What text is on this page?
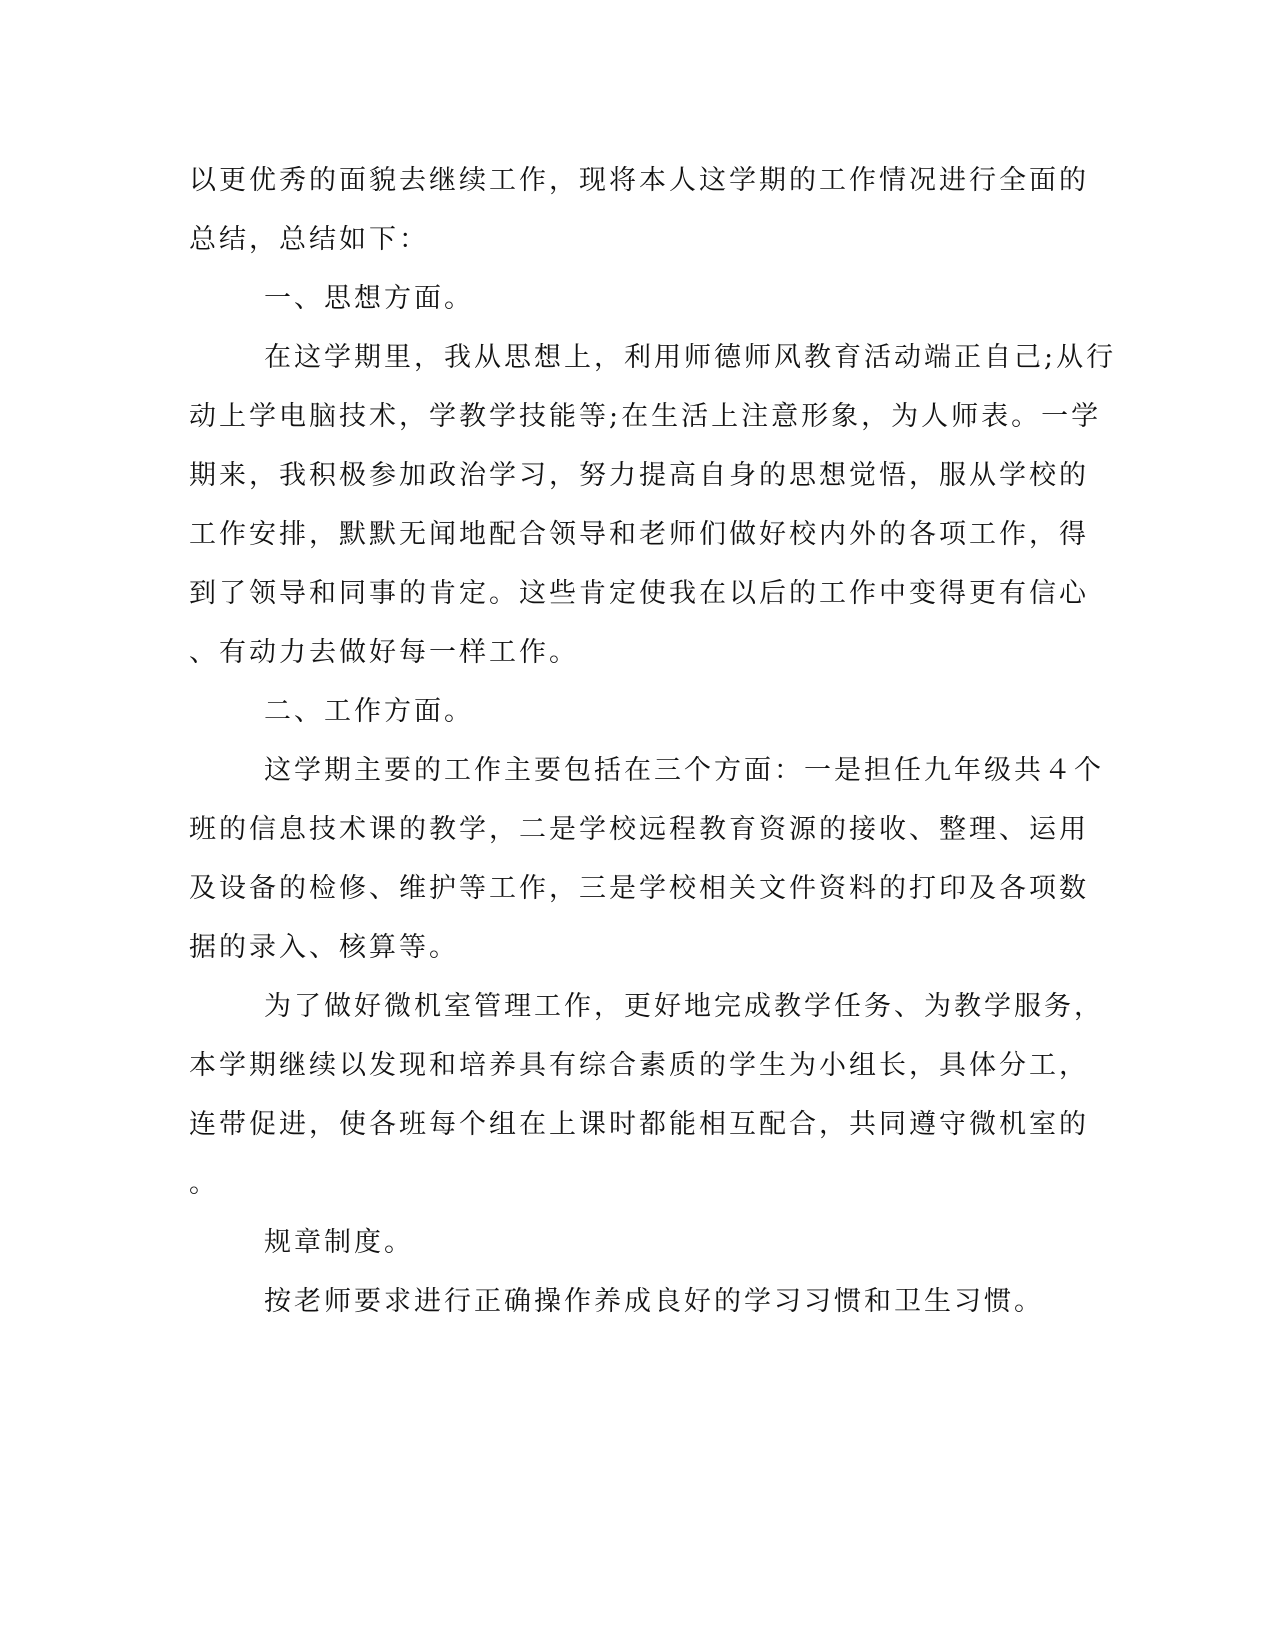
以更优秀的面貌去继续工作，现将本人这学期的工作情况进行全面的
总结，总结如下：
一、思想方面。
在这学期里，我从思想上，利用师德师风教育活动端正自己;从行
动上学电脑技术，学教学技能等;在生活上注意形象，为人师表。一学
期来，我积极参加政治学习，努力提高自身的思想觉悟，服从学校的
工作安排，默默无闻地配合领导和老师们做好校内外的各项工作，得
到了领导和同事的肯定。这些肯定使我在以后的工作中变得更有信心
、有动力去做好每一样工作。
二、工作方面。
这学期主要的工作主要包括在三个方面：一是担任九年级共４个
班的信息技术课的教学，二是学校远程教育资源的接收、整理、运用
及设备的检修、维护等工作，三是学校相关文件资料的打印及各项数
据的录入、核算等。
为了做好微机室管理工作，更好地完成教学任务、为教学服务，
本学期继续以发现和培养具有综合素质的学生为小组长，具体分工，
连带促进，使各班每个组在上课时都能相互配合，共同遵守微机室的
。
规章制度。
按老师要求进行正确操作养成良好的学习习惯和卫生习惯。
